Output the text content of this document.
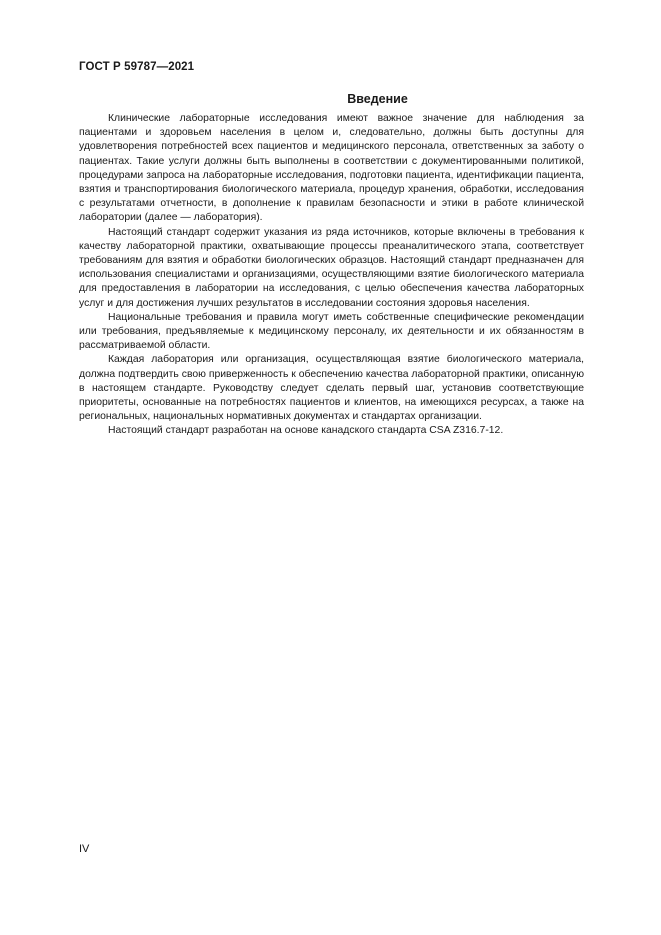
ГОСТ Р 59787—2021
Введение

Клинические лабораторные исследования имеют важное значение для наблюдения за пациентами и здоровьем населения в целом и, следовательно, должны быть доступны для удовлетворения потребностей всех пациентов и медицинского персонала, ответственных за заботу о пациентах. Такие услуги должны быть выполнены в соответствии с документированными политикой, процедурами запроса на лабораторные исследования, подготовки пациента, идентификации пациента, взятия и транспортирования биологического материала, процедур хранения, обработки, исследования с результатами отчетности, в дополнение к правилам безопасности и этики в работе клинической лаборатории (далее — лаборатория).

Настоящий стандарт содержит указания из ряда источников, которые включены в требования к качеству лабораторной практики, охватывающие процессы преаналитического этапа, соответствует требованиям для взятия и обработки биологических образцов. Настоящий стандарт предназначен для использования специалистами и организациями, осуществляющими взятие биологического материала для предоставления в лаборатории на исследования, с целью обеспечения качества лабораторных услуг и для достижения лучших результатов в исследовании состояния здоровья населения.

Национальные требования и правила могут иметь собственные специфические рекомендации или требования, предъявляемые к медицинскому персоналу, их деятельности и их обязанностям в рассматриваемой области.

Каждая лаборатория или организация, осуществляющая взятие биологического материала, должна подтвердить свою приверженность к обеспечению качества лабораторной практики, описанную в настоящем стандарте. Руководству следует сделать первый шаг, установив соответствующие приоритеты, основанные на потребностях пациентов и клиентов, на имеющихся ресурсах, а также на региональных, национальных нормативных документах и стандартах организации.

Настоящий стандарт разработан на основе канадского стандарта CSA Z316.7-12.

IV
